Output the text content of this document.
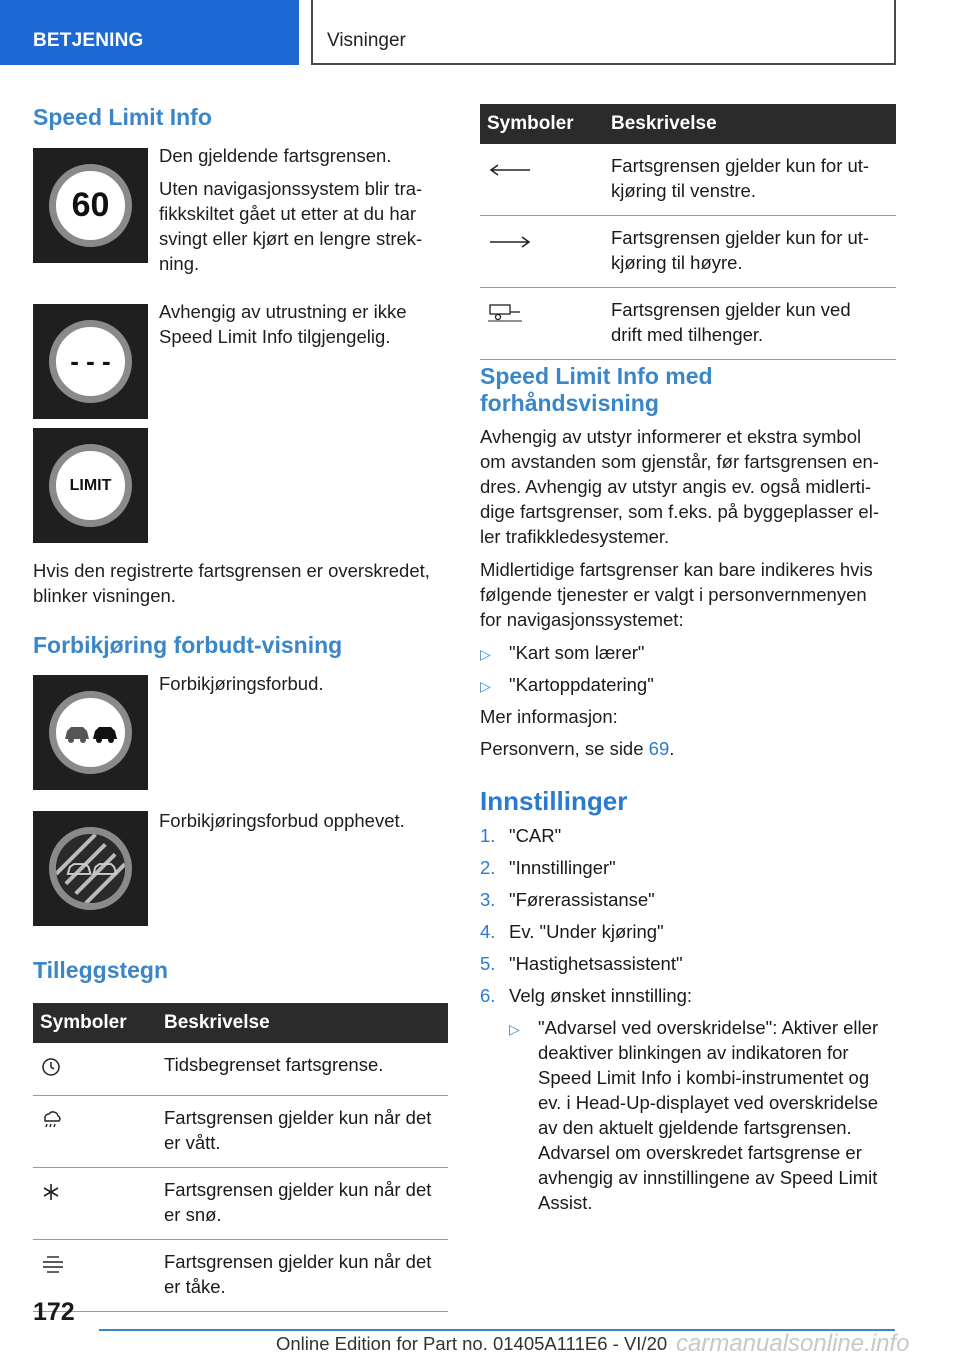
BETJENING	Visninger
Speed Limit Info
60

Den gjeldende fartsgrensen.

Uten navigasjonssystem blir tra-

fikkskiltet gået ut etter at du har

svingt eller kjørt en lengre strek-

ning.

- - -

Avhengig av utrustning er ikke

Speed Limit Info tilgjengelig.

LIMIT

Hvis den registrerte fartsgrensen er overskredet,

blinker visningen.

Forbikjøring forbudt-visning

Forbikjøringsforbud.

Forbikjøringsforbud opphevet.

Tilleggstegn
Symboler	Beskrivelse
	Tidsbegrenset fartsgrense.
	Fartsgrensen gjelder kun når det
er vått.
	Fartsgrensen gjelder kun når det
er snø.
	Fartsgrensen gjelder kun når det
er tåke.
Symboler	Beskrivelse
	Fartsgrensen gjelder kun for ut-
kjøring til venstre.
	Fartsgrensen gjelder kun for ut-
kjøring til høyre.
	Fartsgrensen gjelder kun ved
drift med tilhenger.
Speed Limit Info med
forhåndsvisning

Avhengig av utstyr informerer et ekstra symbol

om avstanden som gjenstår, før fartsgrensen en-

dres. Avhengig av utstyr angis ev. også midlerti-

dige fartsgrenser, som f.eks. på byggeplasser el-

ler trafikkledesystemer.

Midlertidige fartsgrenser kan bare indikeres hvis

følgende tjenester er valgt i personvernmenyen

for navigasjonssystemet:

▷ "Kart som lærer"
▷ "Kartoppdatering"

Mer informasjon:

Personvern, se side 69.

Innstillinger
1. "CAR"
2. "Innstillinger"
3. "Førerassistanse"
4. Ev. "Under kjøring"
5. "Hastighetsassistent"
6. Velg ønsket innstilling:
▷ "Advarsel ved overskridelse": Aktiver eller
deaktiver blinkingen av indikatoren for
Speed Limit Info i kombi-instrumentet og
ev. i Head-Up-displayet ved overskridelse
av den aktuelt gjeldende fartsgrensen.
Advarsel om overskredet fartsgrense er
avhengig av innstillingene av Speed Limit
Assist.
172
Online Edition for Part no. 01405A111E6 - VI/20 carmanualsonline.info
